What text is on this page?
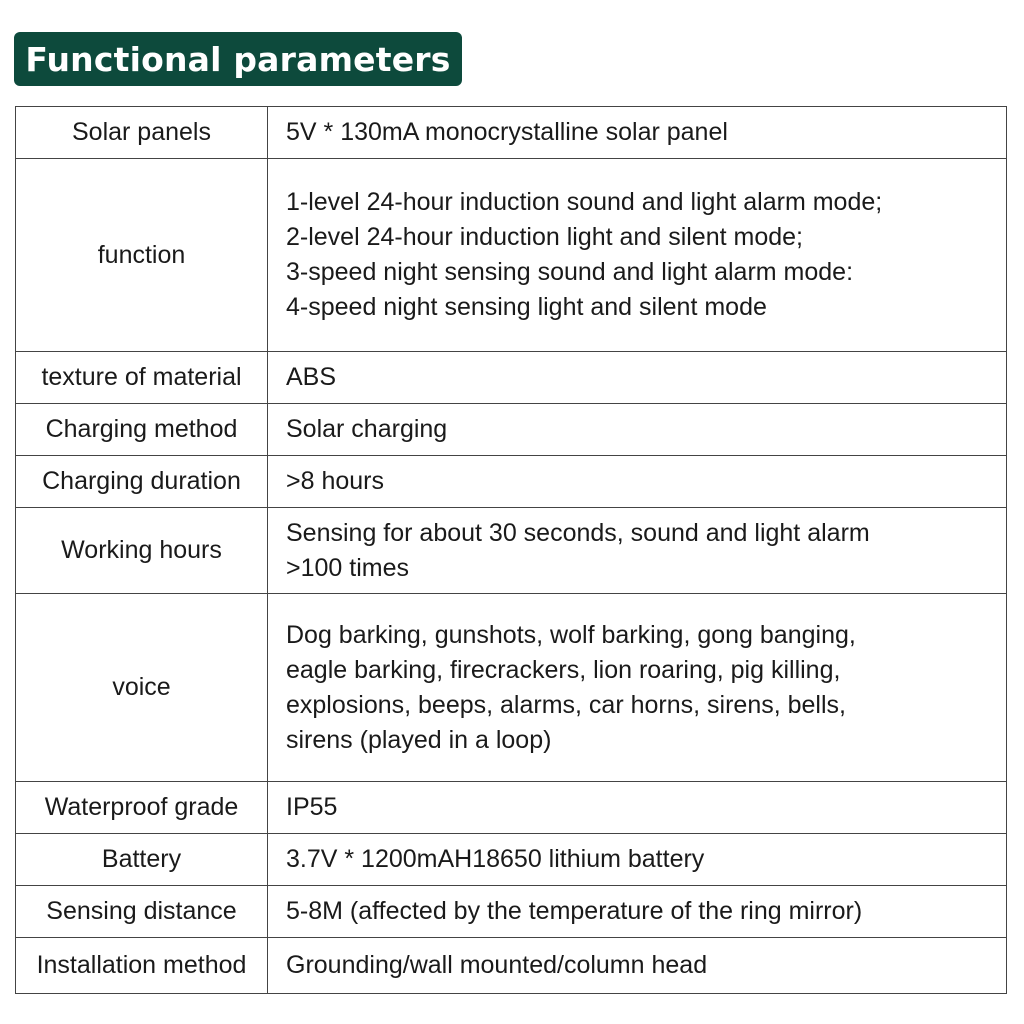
Functional parameters
Solar panels	5V * 130mA monocrystalline solar panel

function	1-level 24-hour induction sound and light alarm mode;
2-level 24-hour induction light and silent mode;
3-speed night sensing sound and light alarm mode:
4-speed night sensing light and silent mode

texture of material	ABS

Charging method	Solar charging

Charging duration	>8 hours

Working hours	Sensing for about 30 seconds, sound and light alarm
>100 times

voice	Dog barking, gunshots, wolf barking, gong banging,
eagle barking, firecrackers, lion roaring, pig killing,
explosions, beeps, alarms, car horns, sirens, bells,
sirens (played in a loop)

Waterproof grade	IP55

Battery	3.7V * 1200mAH18650 lithium battery

Sensing distance	5-8M (affected by the temperature of the ring mirror)

Installation method	Grounding/wall mounted/column head
